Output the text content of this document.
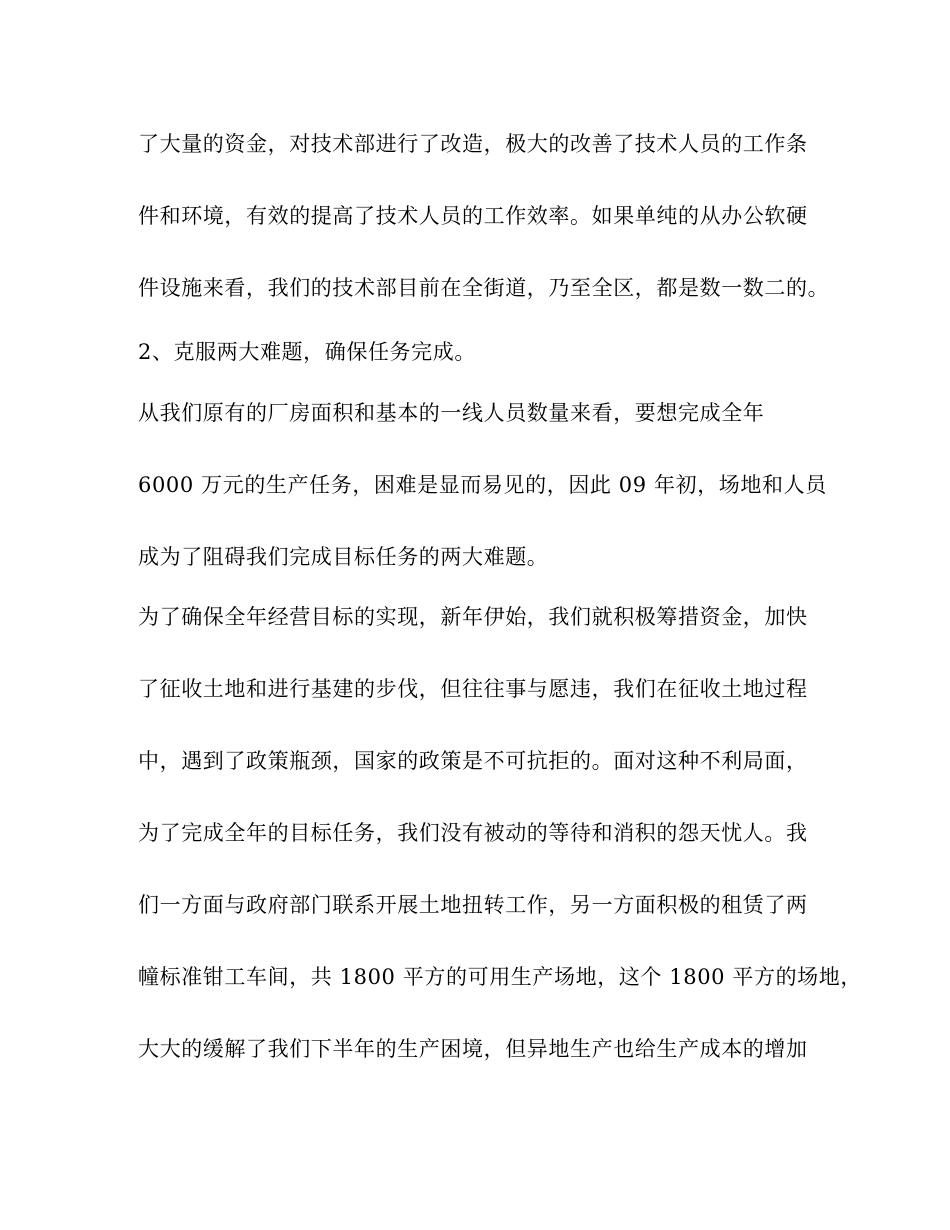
了大量的资金，对技术部进行了改造，极大的改善了技术人员的工作条
件和环境，有效的提高了技术人员的工作效率。如果单纯的从办公软硬
件设施来看，我们的技术部目前在全街道，乃至全区，都是数一数二的。
2、克服两大难题，确保任务完成。
从我们原有的厂房面积和基本的一线人员数量来看，要想完成全年
6000 万元的生产任务，困难是显而易见的，因此 09 年初，场地和人员
成为了阻碍我们完成目标任务的两大难题。
为了确保全年经营目标的实现，新年伊始，我们就积极筹措资金，加快
了征收土地和进行基建的步伐，但往往事与愿违，我们在征收土地过程
中，遇到了政策瓶颈，国家的政策是不可抗拒的。面对这种不利局面，
为了完成全年的目标任务，我们没有被动的等待和消积的怨天忧人。我
们一方面与政府部门联系开展土地扭转工作，另一方面积极的租赁了两
幢标准钳工车间，共 1800 平方的可用生产场地，这个 1800 平方的场地，
大大的缓解了我们下半年的生产困境，但异地生产也给生产成本的增加
